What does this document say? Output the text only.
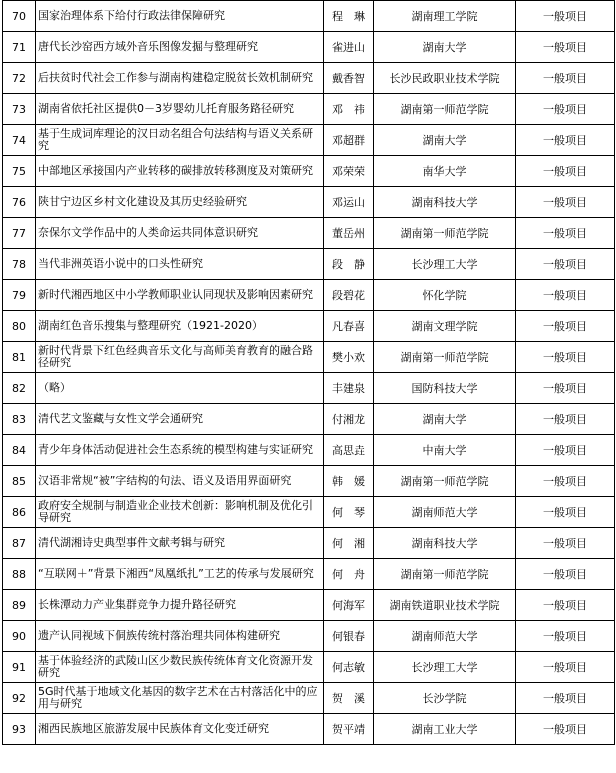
70	国家治理体系下给付行政法律保障研究	程　琳	湖南理工学院	一般项目
71	唐代长沙窑西方域外音乐图像发掘与整理研究	雀进山	湖南大学	一般项目
72	后扶贫时代社会工作参与湖南构建稳定脱贫长效机制研究	戴香智	长沙民政职业技术学院	一般项目
73	湖南省依托社区提供0－3岁婴幼儿托育服务路径研究	邓　祎	湖南第一师范学院	一般项目
74	基于生成词库理论的汉日动名组合句法结构与语义关系研究	邓超群	湖南大学	一般项目
75	中部地区承接国内产业转移的碳排放转移测度及对策研究	邓荣荣	南华大学	一般项目
76	陕甘宁边区乡村文化建设及其历史经验研究	邓运山	湖南科技大学	一般项目
77	奈保尔文学作品中的人类命运共同体意识研究	董岳州	湖南第一师范学院	一般项目
78	当代非洲英语小说中的口头性研究	段　静	长沙理工大学	一般项目
79	新时代湘西地区中小学教师职业认同现状及影响因素研究	段碧花	怀化学院	一般项目
80	湖南红色音乐搜集与整理研究（1921-2020）	凡春喜	湖南文理学院	一般项目
81	新时代背景下红色经典音乐文化与高师美育教育的融合路径研究	樊小欢	湖南第一师范学院	一般项目
82	（略）	丰建泉	国防科技大学	一般项目
83	清代艺文鉴藏与女性文学会通研究	付湘龙	湖南大学	一般项目
84	青少年身体活动促进社会生态系统的模型构建与实证研究	高思垚	中南大学	一般项目
85	汉语非常规“被”字结构的句法、语义及语用界面研究	韩　媛	湖南第一师范学院	一般项目
86	政府安全规制与制造业企业技术创新：影响机制及优化引导研究	何　琴	湖南师范大学	一般项目
87	清代湖湘诗史典型事件文献考辑与研究	何　湘	湖南科技大学	一般项目
88	“互联网＋”背景下湘西“凤凰纸扎”工艺的传承与发展研究	何　舟	湖南第一师范学院	一般项目
89	长株潭动力产业集群竞争力提升路径研究	何海军	湖南铁道职业技术学院	一般项目
90	遗产认同视域下侗族传统村落治理共同体构建研究	何银春	湖南师范大学	一般项目
91	基于体验经济的武陵山区少数民族传统体育文化资源开发研究	何志敏	长沙理工大学	一般项目
92	5G时代基于地域文化基因的数字艺术在古村落活化中的应用与研究	贺　溪	长沙学院	一般项目
93	湘西民族地区旅游发展中民族体育文化变迁研究	贺平靖	湖南工业大学	一般项目
